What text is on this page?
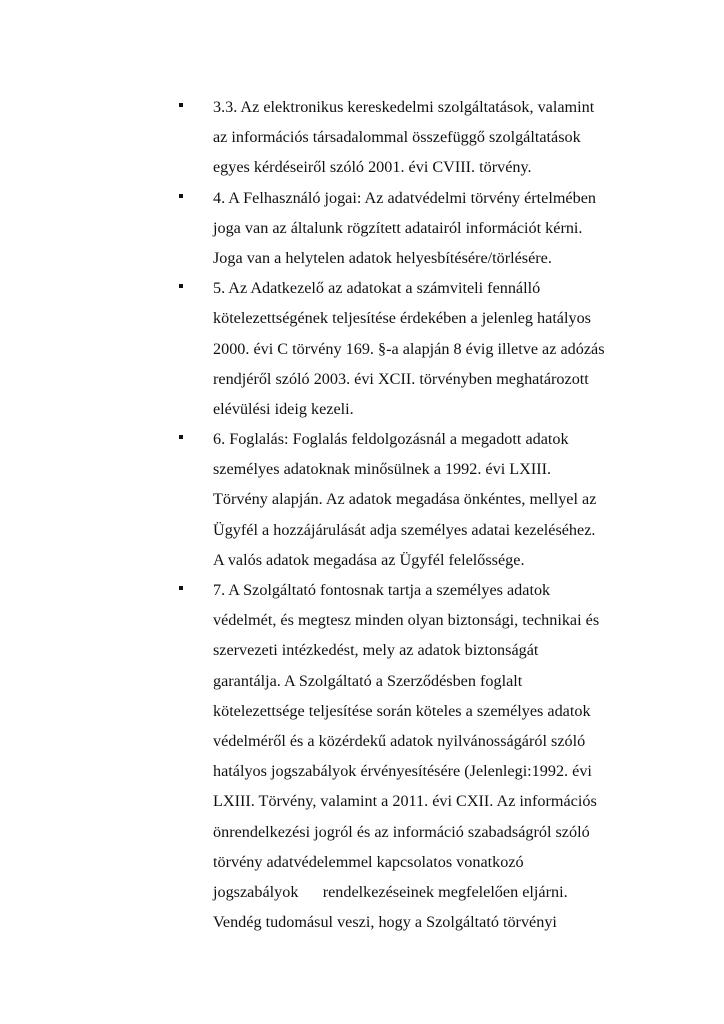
3.3. Az elektronikus kereskedelmi szolgáltatások, valamint
az információs társadalommal összefüggő szolgáltatások
egyes kérdéseiről szóló 2001. évi CVIII. törvény.
4. A Felhasználó jogai: Az adatvédelmi törvény értelmében
joga van az általunk rögzített adatairól információt kérni.
Joga van a helytelen adatok helyesbítésére/törlésére.
5. Az Adatkezelő az adatokat a számviteli fennálló
kötelezettségének teljesítése érdekében a jelenleg hatályos
2000. évi C törvény 169. §-a alapján 8 évig illetve az adózás
rendjéről szóló 2003. évi XCII. törvényben meghatározott
elévülési ideig kezeli.
6. Foglalás: Foglalás feldolgozásnál a megadott adatok
személyes adatoknak minősülnek a 1992. évi LXIII.
Törvény alapján. Az adatok megadása önkéntes, mellyel az
Ügyfél a hozzájárulását adja személyes adatai kezeléséhez.
A valós adatok megadása az Ügyfél felelőssége.
7. A Szolgáltató fontosnak tartja a személyes adatok
védelmét, és megtesz minden olyan biztonsági, technikai és
szervezeti intézkedést, mely az adatok biztonságát
garantálja. A Szolgáltató a Szerződésben foglalt
kötelezettsége teljesítése során köteles a személyes adatok
védelméről és a közérdekű adatok nyilvánosságáról szóló
hatályos jogszabályok érvényesítésére (Jelenlegi:1992. évi
LXIII. Törvény, valamint a 2011. évi CXII. Az információs
önrendelkezési jogról és az információ szabadságról szóló
törvény adatvédelemmel kapcsolatos vonatkozó
jogszabályok      rendelkezéseinek megfelelően eljárni.
Vendég tudomásul veszi, hogy a Szolgáltató törvényi
